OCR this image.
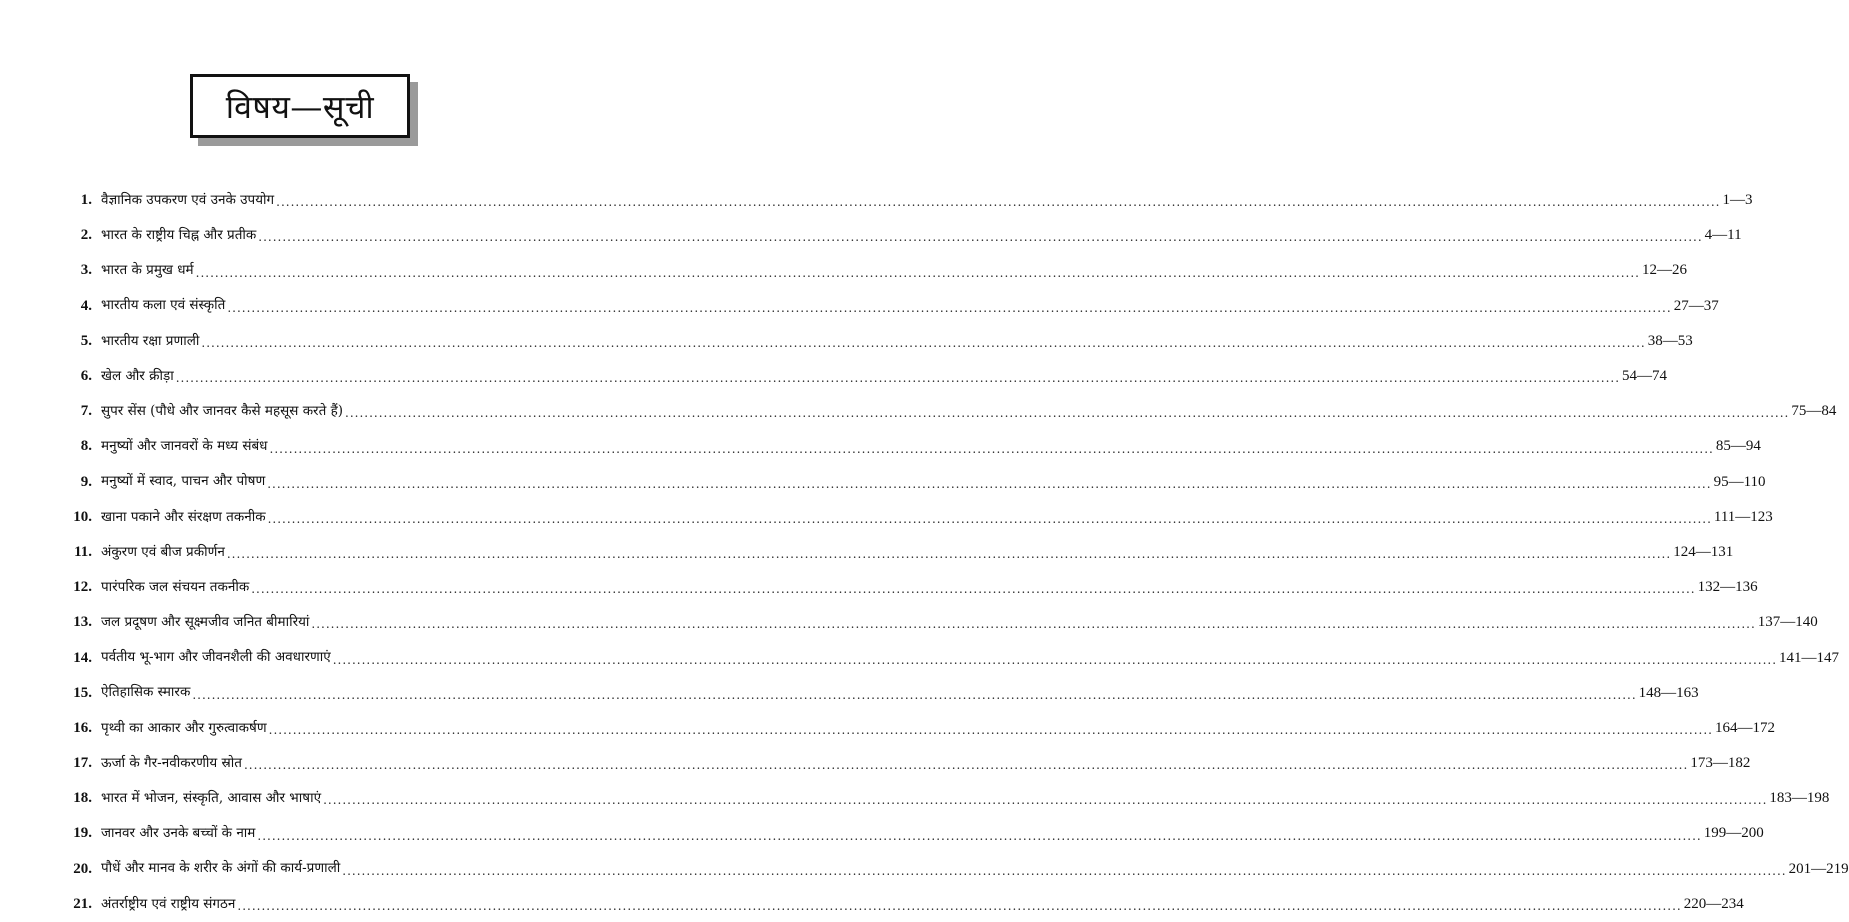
विषय—सूची
1. वैज्ञानिक उपकरण एवं उनके उपयोग ............................................................................................................................................................................................................................................................................................................ 1—3
2. भारत के राष्ट्रीय चिह्न और प्रतीक ............................................................................................................................................................................................................................................................................................................ 4—11
3. भारत के प्रमुख धर्म ............................................................................................................................................................................................................................................................................................................ 12—26
4. भारतीय कला एवं संस्कृति ............................................................................................................................................................................................................................................................................................................ 27—37
5. भारतीय रक्षा प्रणाली ............................................................................................................................................................................................................................................................................................................ 38—53
6. खेल और क्रीड़ा ............................................................................................................................................................................................................................................................................................................ 54—74
7. सुपर सेंस (पौधे और जानवर कैसे महसूस करते हैं) ............................................................................................................................................................................................................................................................................................................ 75—84
8. मनुष्यों और जानवरों के मध्य संबंध ............................................................................................................................................................................................................................................................................................................ 85—94
9. मनुष्यों में स्वाद, पाचन और पोषण ............................................................................................................................................................................................................................................................................................................ 95—110
10. खाना पकाने और संरक्षण तकनीक ............................................................................................................................................................................................................................................................................................................ 111—123
11. अंकुरण एवं बीज प्रकीर्णन ............................................................................................................................................................................................................................................................................................................ 124—131
12. पारंपरिक जल संचयन तकनीक ............................................................................................................................................................................................................................................................................................................ 132—136
13. जल प्रदूषण और सूक्ष्मजीव जनित बीमारियां ............................................................................................................................................................................................................................................................................................................ 137—140
14. पर्वतीय भू-भाग और जीवनशैली की अवधारणाएं ............................................................................................................................................................................................................................................................................................................ 141—147
15. ऐतिहासिक स्मारक ............................................................................................................................................................................................................................................................................................................ 148—163
16. पृथ्वी का आकार और गुरुत्वाकर्षण ............................................................................................................................................................................................................................................................................................................ 164—172
17. ऊर्जा के गैर-नवीकरणीय स्रोत ............................................................................................................................................................................................................................................................................................................ 173—182
18. भारत में भोजन, संस्कृति, आवास और भाषाएं ............................................................................................................................................................................................................................................................................................................ 183—198
19. जानवर और उनके बच्चों के नाम ............................................................................................................................................................................................................................................................................................................ 199—200
20. पौधें और मानव के शरीर के अंगों की कार्य-प्रणाली ............................................................................................................................................................................................................................................................................................................ 201—219
21. अंतर्राष्ट्रीय एवं राष्ट्रीय संगठन ............................................................................................................................................................................................................................................................................................................ 220—234
